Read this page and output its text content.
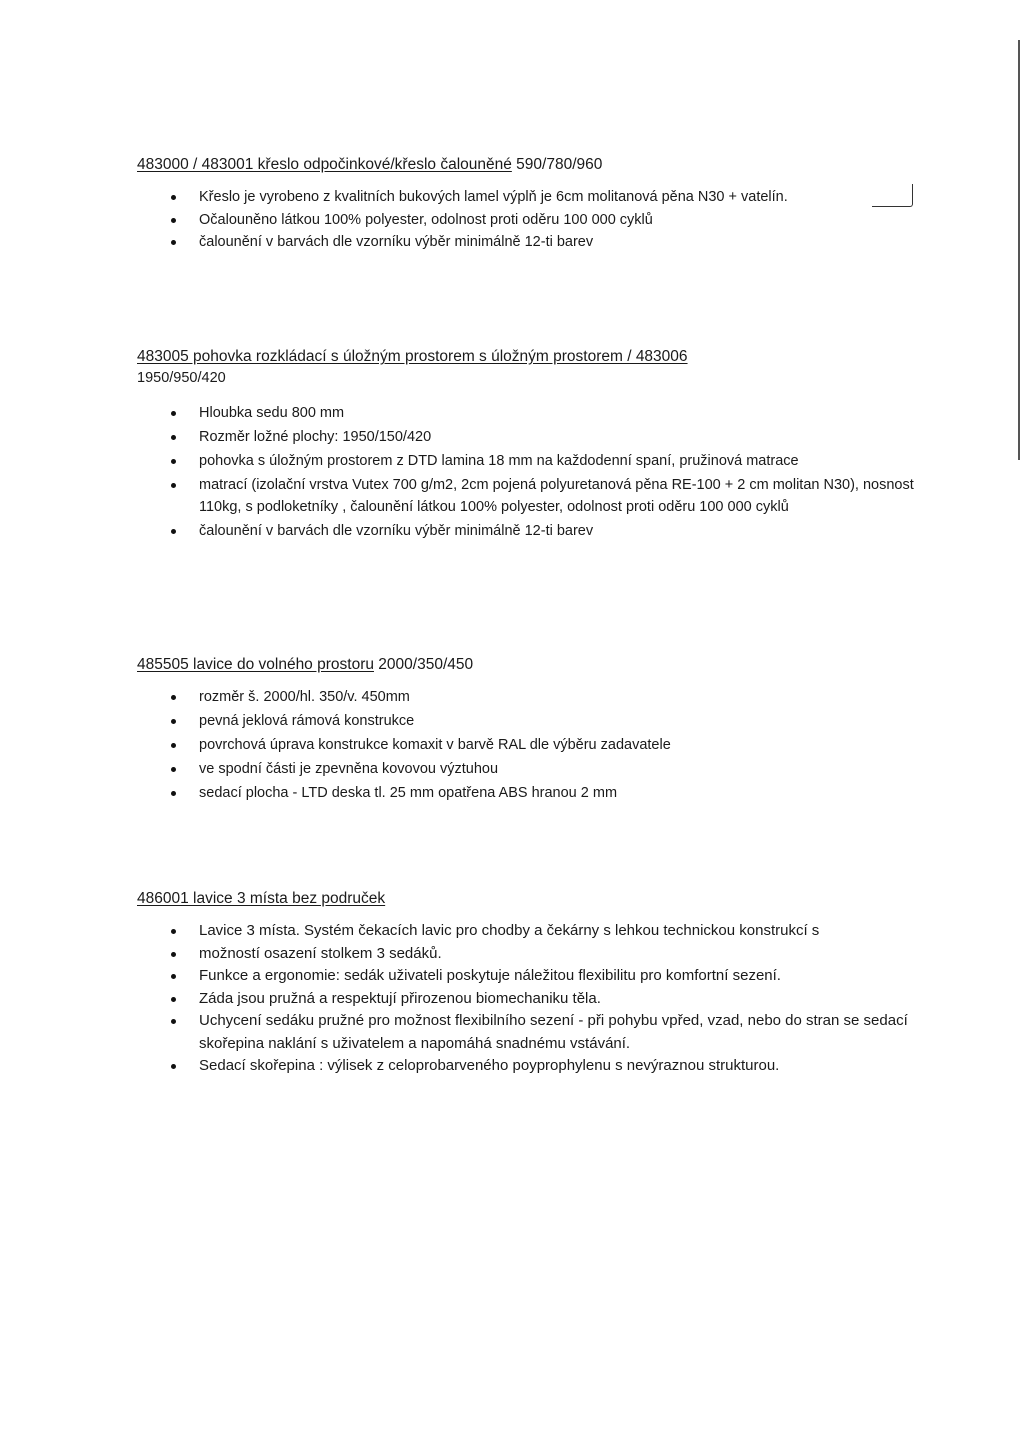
483000 / 483001 křeslo odpočinkové/křeslo čalouněné 590/780/960
Křeslo je vyrobeno z kvalitních bukových lamel výplň je 6cm molitanová pěna N30 + vatelín.
Očalouněno látkou 100% polyester, odolnost proti oděru 100 000 cyklů
čalounění v barvách dle vzorníku výběr minimálně 12-ti barev
483005 pohovka rozkládací s úložným prostorem s úložným prostorem / 483006
1950/950/420
Hloubka sedu 800 mm
Rozměr ložné plochy: 1950/150/420
pohovka s úložným prostorem z DTD lamina 18 mm na každodenní spaní, pružinová matrace
matrací (izolační vrstva Vutex 700 g/m2, 2cm pojená polyuretanová pěna RE-100 + 2 cm molitan N30), nosnost 110kg, s podloketníky , čalounění látkou 100% polyester, odolnost proti oděru 100 000 cyklů
čalounění v barvách dle vzorníku výběr minimálně 12-ti barev
485505 lavice do volného prostoru 2000/350/450
rozměr š. 2000/hl. 350/v. 450mm
pevná jeklová rámová konstrukce
povrchová úprava konstrukce komaxit v barvě RAL dle výběru zadavatele
ve spodní části je zpevněna kovovou výztuhou
sedací plocha - LTD deska tl. 25 mm opatřena ABS hranou 2 mm
486001 lavice 3 místa bez područek
Lavice 3 místa. Systém čekacích lavic pro chodby a čekárny s lehkou technickou konstrukcí s
možností osazení stolkem 3 sedáků.
Funkce a ergonomie: sedák uživateli poskytuje náležitou flexibilitu pro komfortní sezení.
Záda jsou pružná a respektují přirozenou biomechaniku těla.
Uchycení sedáku pružné pro možnost flexibilního sezení - při pohybu vpřed, vzad, nebo do stran se sedací skořepina naklání s uživatelem a napomáhá snadnému vstávání.
Sedací skořepina : výlisek z celoprobarveného poyprophylenu s nevýraznou strukturou.
